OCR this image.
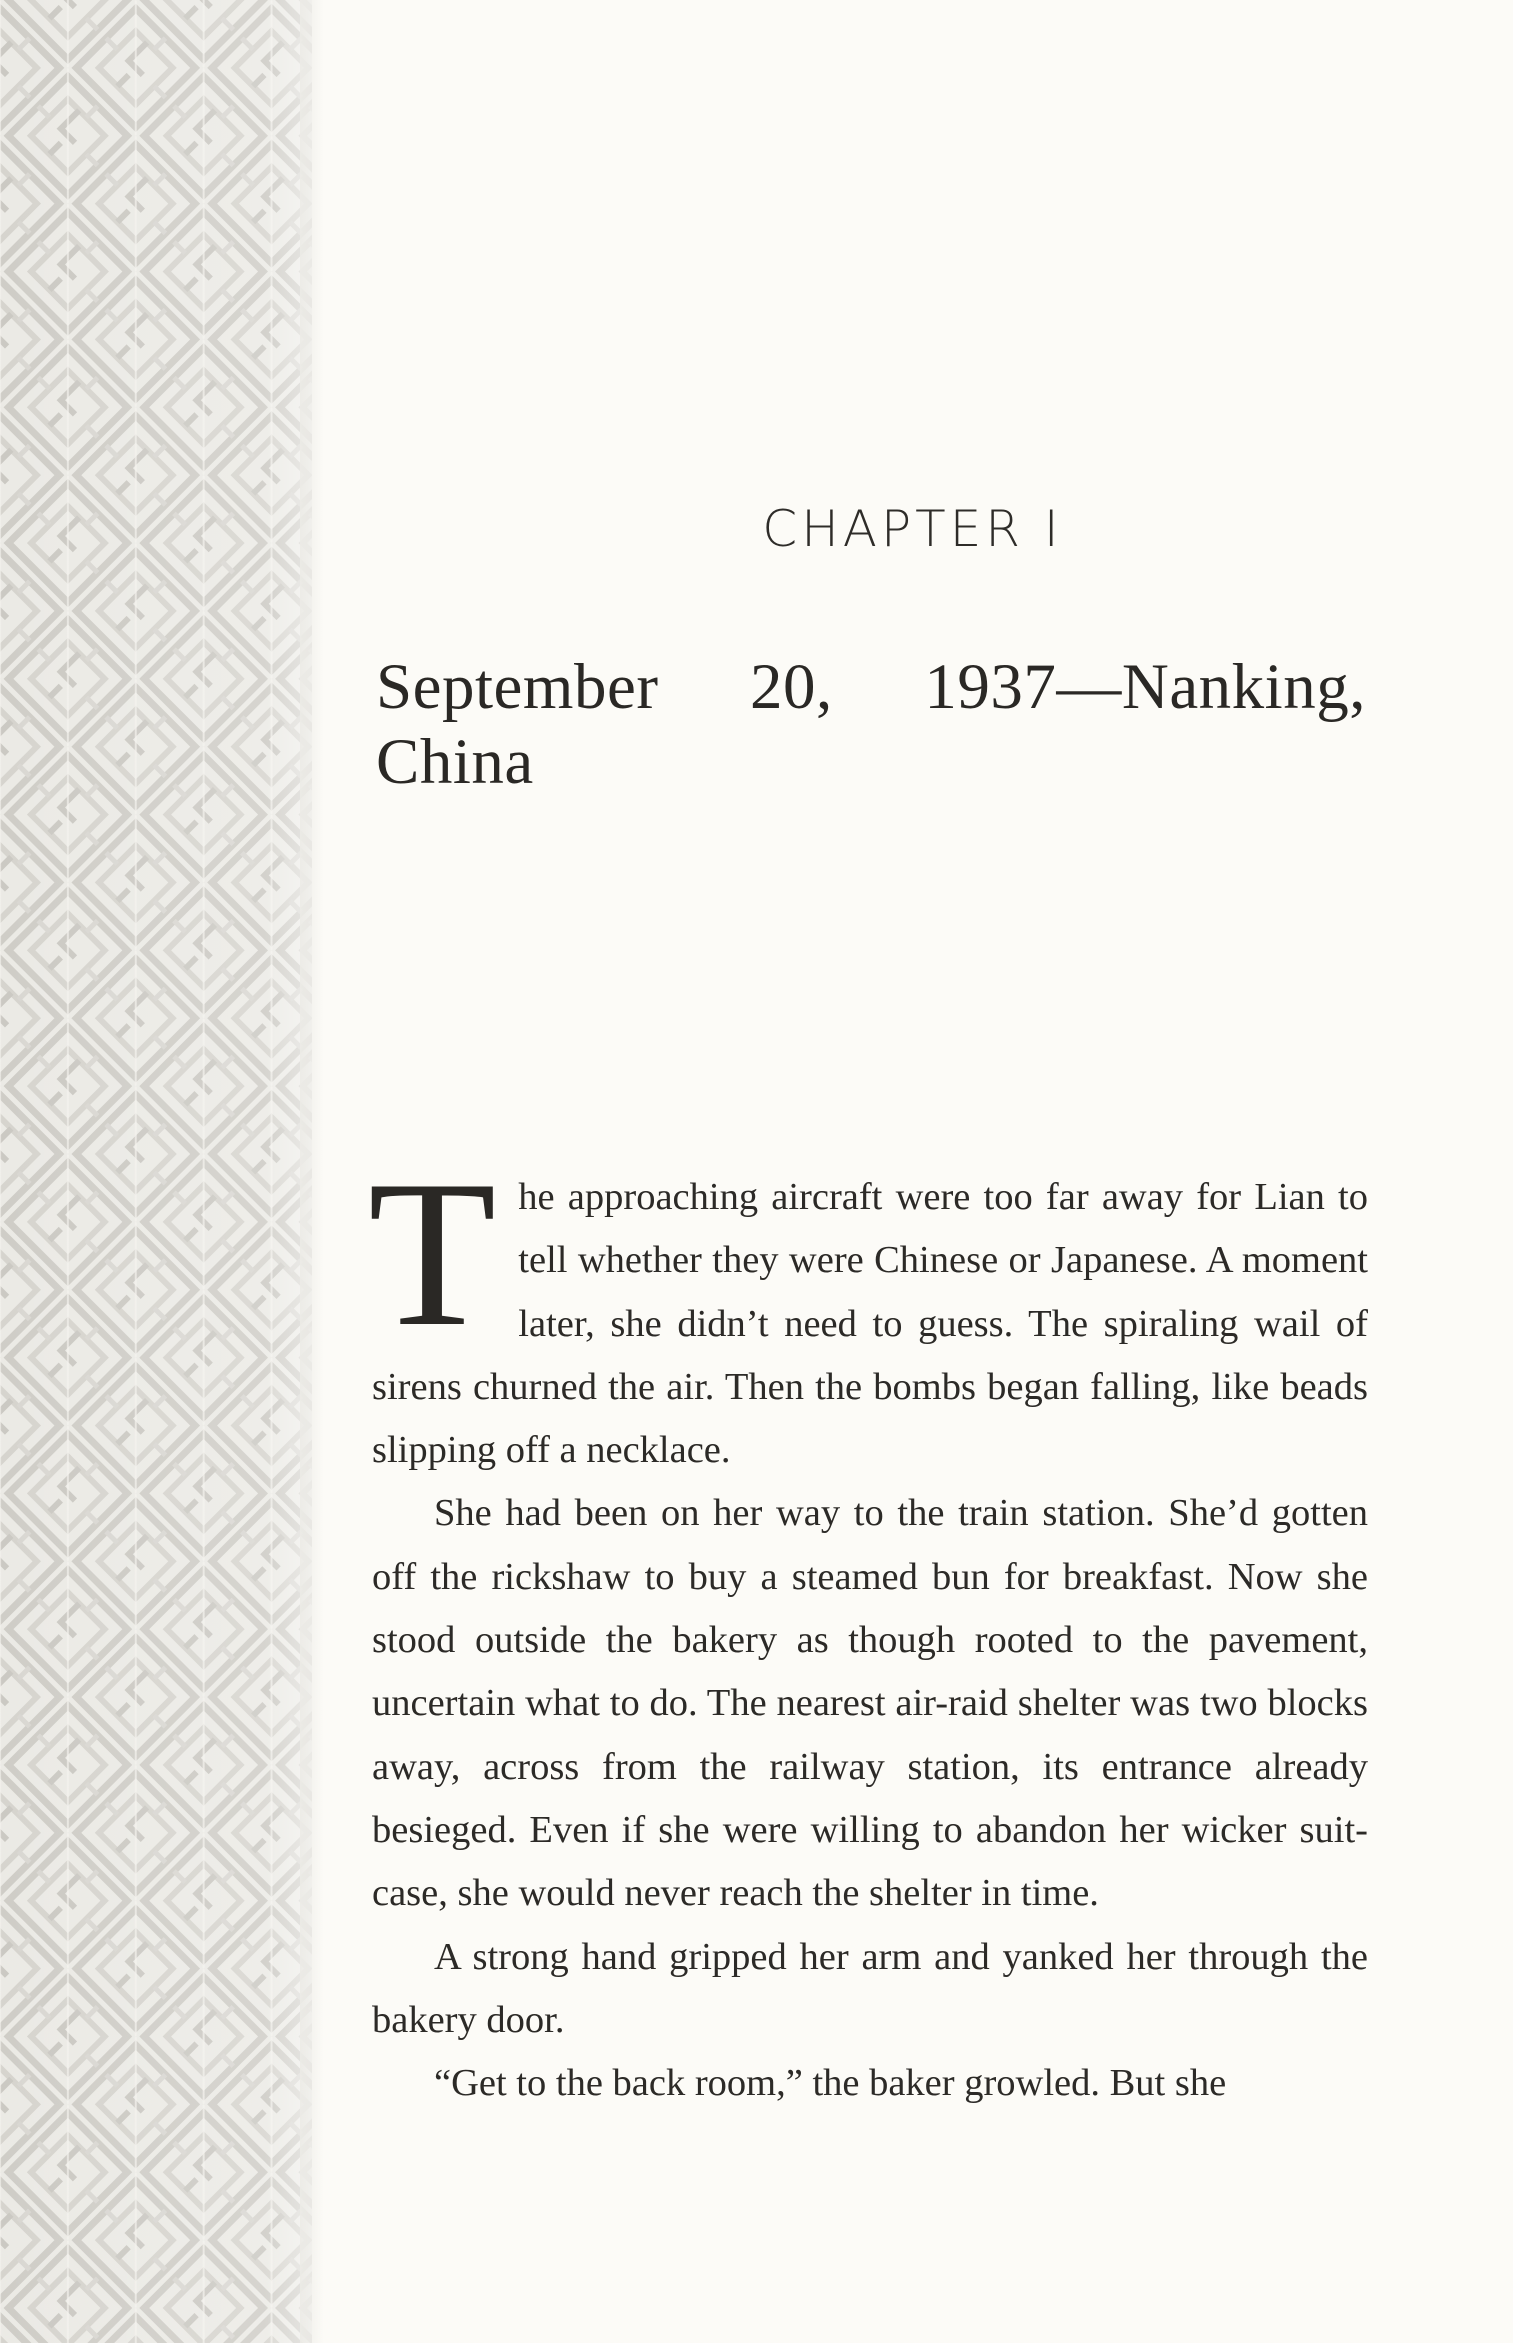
CHAPTER I
September 20, 1937—Nanking, China

The approaching aircraft were too far away for Lian to tell whether they were Chinese or Japanese. A moment later, she didn’t need to guess. The spiraling wail of sirens churned the air. Then the bombs began falling, like beads slipping off a necklace.

She had been on her way to the train station. She’d gotten off the rickshaw to buy a steamed bun for breakfast. Now she stood outside the bakery as though rooted to the pavement, uncertain what to do. The nearest air-raid shelter was two blocks away, across from the railway station, its entrance already besieged. Even if she were willing to abandon her wicker suitcase, she would never reach the shelter in time.

A strong hand gripped her arm and yanked her through the bakery door.

“Get to the back room,” the baker growled. But she
